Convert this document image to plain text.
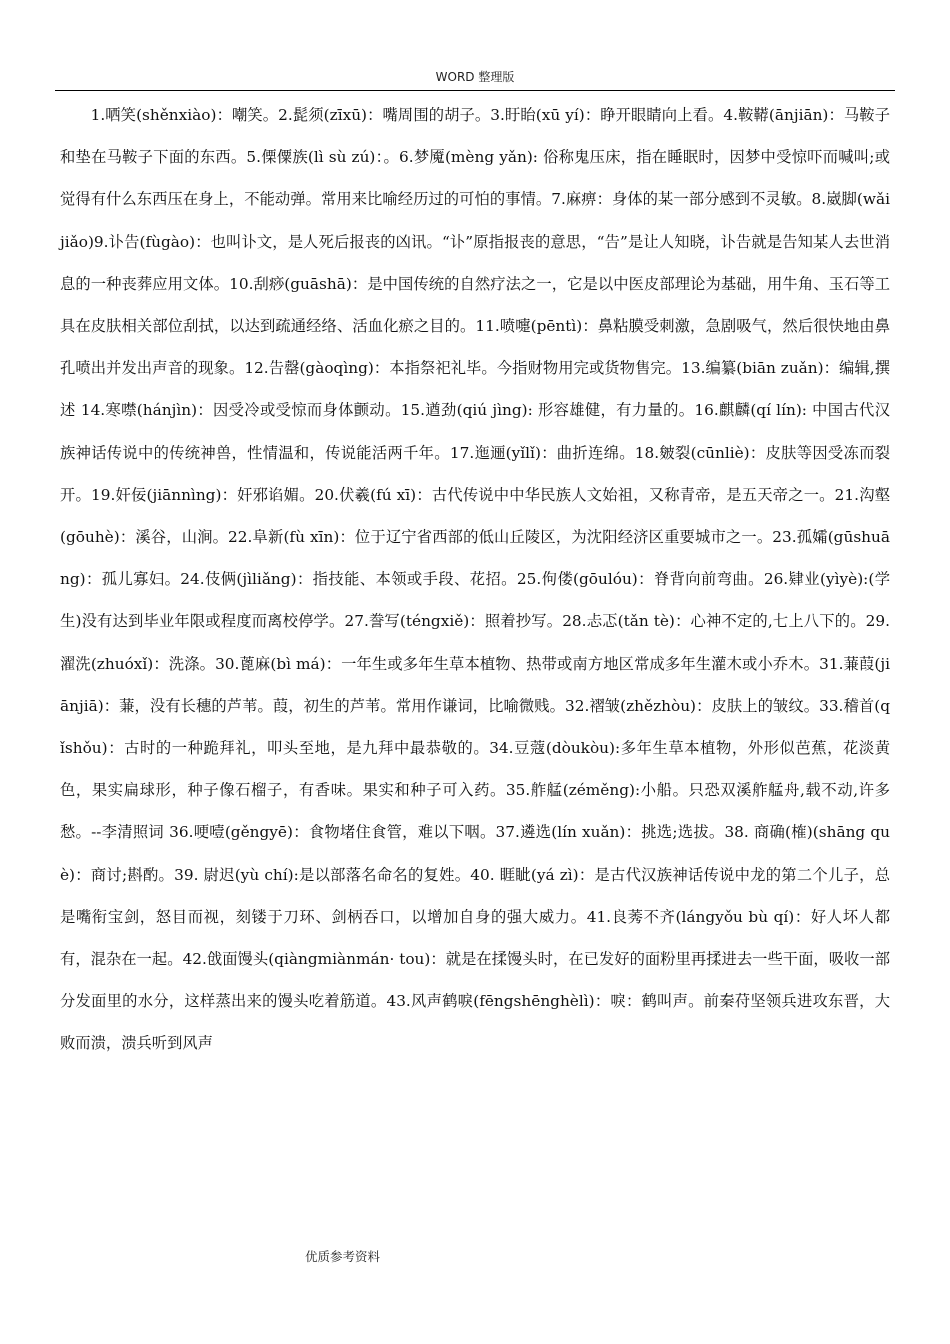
WORD 整理版

1.哂笑(shěnxiào)：嘲笑。2.髭须(zīxū)：嘴周围的胡子。3.盱眙(xū yí)：睁开眼睛向上看。4.鞍鞯(ānjiān)：马鞍子和垫在马鞍子下面的东西。5.傈僳族(lì sù zú)：。6.梦魇(mèng yǎn): 俗称鬼压床，指在睡眠时，因梦中受惊吓而喊叫;或觉得有什么东西压在身上，不能动弹。常用来比喻经历过的可怕的事情。7.麻痹：身体的某一部分感到不灵敏。8.崴脚(wǎijiǎo)9.讣告(fùgào)：也叫讣文，是人死后报丧的凶讯。“讣”原指报丧的意思，“告”是让人知晓，讣告就是告知某人去世消息的一种丧葬应用文体。10.刮痧(guāshā)：是中国传统的自然疗法之一，它是以中医皮部理论为基础，用牛角、玉石等工具在皮肤相关部位刮拭，以达到疏通经络、活血化瘀之目的。11.喷嚏(pēntì)：鼻粘膜受刺激，急剧吸气，然后很快地由鼻孔喷出并发出声音的现象。12.告罄(gàoqìng)：本指祭祀礼毕。今指财物用完或货物售完。13.编纂(biān zuǎn)：编辑,撰述 14.寒噤(hánjìn)：因受冷或受惊而身体颤动。15.遒劲(qiú jìng): 形容雄健，有力量的。16.麒麟(qí lín): 中国古代汉族神话传说中的传统神兽，性情温和，传说能活两千年。17.迤逦(yǐlǐ)：曲折连绵。18.皴裂(cūnliè)：皮肤等因受冻而裂开。19.奸佞(jiānnìng)：奸邪谄媚。20.伏羲(fú xī)：古代传说中中华民族人文始祖，又称青帝，是五天帝之一。21.沟壑(gōuhè)：溪谷，山涧。22.阜新(fù xīn)：位于辽宁省西部的低山丘陵区，为沈阳经济区重要城市之一。23.孤孀(gūshuāng)：孤儿寡妇。24.伎俩(jìliǎng)：指技能、本领或手段、花招。25.佝偻(gōulóu)：脊背向前弯曲。26.肄业(yìyè):(学生)没有达到毕业年限或程度而离校停学。27.誊写(téngxiě)：照着抄写。28.忐忑(tǎn tè)：心神不定的,七上八下的。29.濯洗(zhuóxǐ)：洗涤。30.蓖麻(bì má)：一年生或多年生草本植物、热带或南方地区常成多年生灌木或小乔木。31.蒹葭(jiānjiā)：蒹，没有长穗的芦苇。葭，初生的芦苇。常用作谦词，比喻微贱。32.褶皱(zhězhòu)：皮肤上的皱纹。33.稽首(qǐshǒu)：古时的一种跪拜礼，叩头至地，是九拜中最恭敬的。34.豆蔻(dòukòu):多年生草本植物，外形似芭蕉，花淡黄色，果实扁球形，种子像石榴子，有香味。果实和种子可入药。35.舴艋(zéměng):小船。只恐双溪舴艋舟,载不动,许多愁。--李清照词 36.哽噎(gěngyē)：食物堵住食管，难以下咽。37.遴选(lín xuǎn)：挑选;选拔。38. 商确(榷)(shāng què)：商讨;斟酌。39. 尉迟(yù chí):是以部落名命名的复姓。40. 睚眦(yá zì)：是古代汉族神话传说中龙的第二个儿子，总是嘴衔宝剑，怒目而视，刻镂于刀环、剑柄吞口，以增加自身的强大威力。41.良莠不齐(lángyǒu bù qí)：好人坏人都有，混杂在一起。42.戗面馒头(qiàngmiànmán· tou)：就是在揉馒头时，在已发好的面粉里再揉进去一些干面，吸收一部分发面里的水分，这样蒸出来的馒头吃着筋道。43.风声鹤唳(fēngshēnghèlì)：唳：鹤叫声。前秦苻坚领兵进攻东晋，大败而溃，溃兵听到风声

优质参考资料
